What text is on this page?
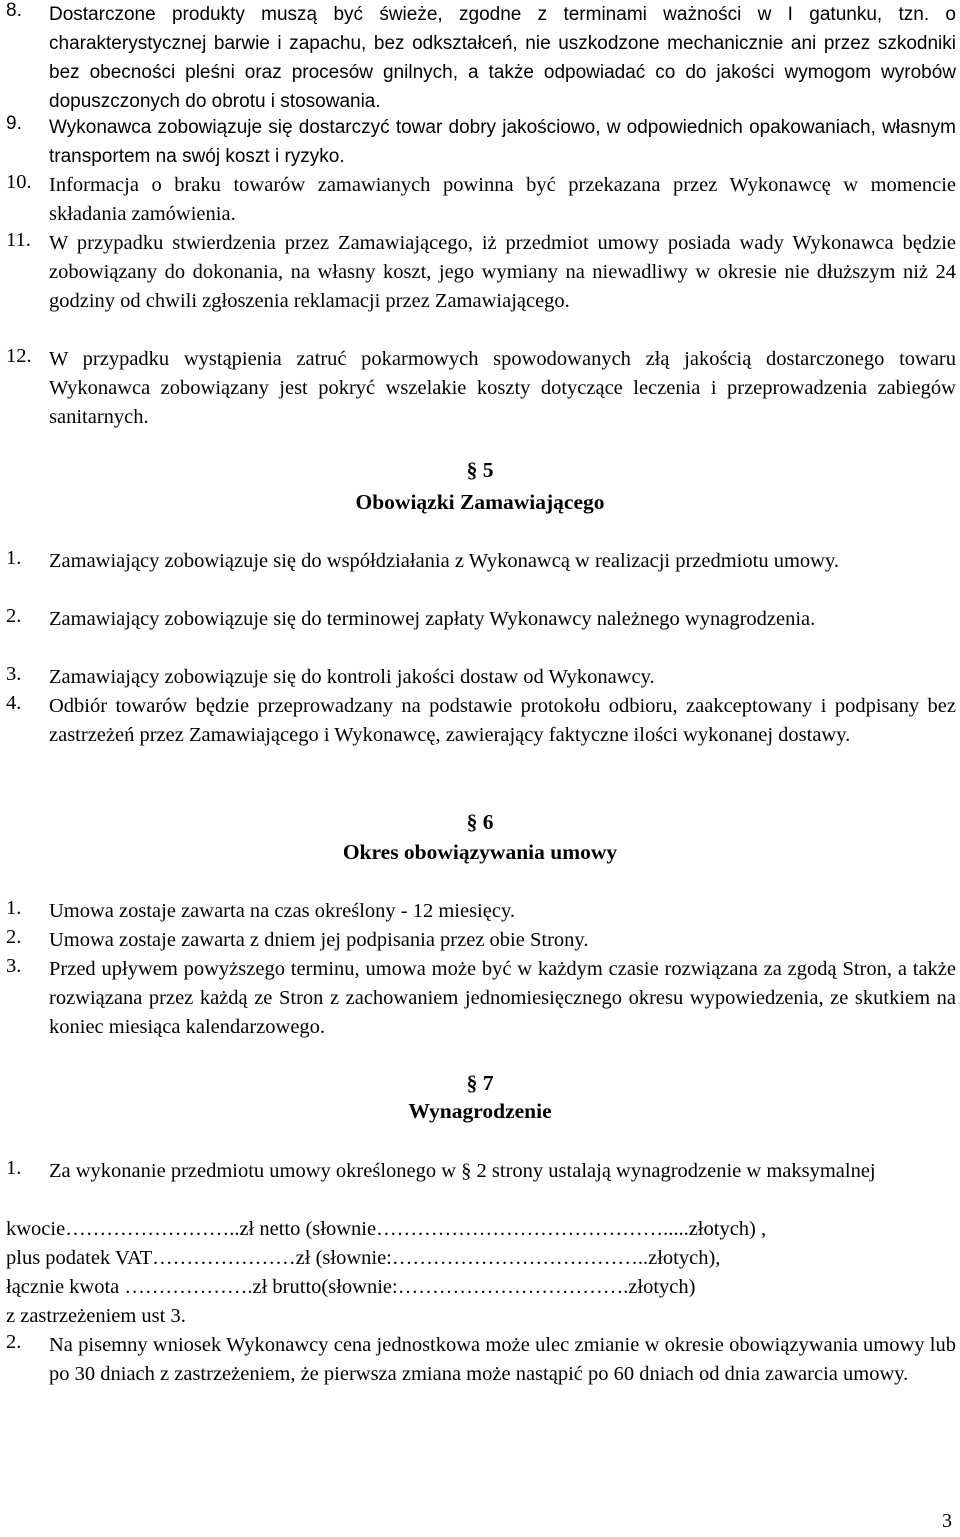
8. Dostarczone produkty muszą być świeże, zgodne z terminami ważności w I gatunku, tzn. o charakterystycznej barwie i zapachu, bez odkształceń, nie uszkodzone mechanicznie ani przez szkodniki bez obecności pleśni oraz procesów gnilnych, a także odpowiadać co do jakości wymogom wyrobów dopuszczonych do obrotu i stosowania.
9. Wykonawca zobowiązuje się dostarczyć towar dobry jakościowo, w odpowiednich opakowaniach, własnym transportem na swój koszt i ryzyko.
10. Informacja o braku towarów zamawianych powinna być przekazana przez Wykonawcę w momencie składania zamówienia.
11. W przypadku stwierdzenia przez Zamawiającego, iż przedmiot umowy posiada wady Wykonawca będzie zobowiązany do dokonania, na własny koszt, jego wymiany na niewadliwy w okresie nie dłuższym niż 24 godziny od chwili zgłoszenia reklamacji przez Zamawiającego.
12. W przypadku wystąpienia zatruć pokarmowych spowodowanych złą jakością dostarczonego towaru Wykonawca zobowiązany jest pokryć wszelakie koszty dotyczące leczenia i przeprowadzenia zabiegów sanitarnych.
§ 5
Obowiązki Zamawiającego
1. Zamawiający zobowiązuje się do współdziałania z Wykonawcą w realizacji przedmiotu umowy.
2. Zamawiający zobowiązuje się do terminowej zapłaty Wykonawcy należnego wynagrodzenia.
3. Zamawiający zobowiązuje się do kontroli jakości dostaw od Wykonawcy.
4. Odbiór towarów będzie przeprowadzany na podstawie protokołu odbioru, zaakceptowany i podpisany bez zastrzeżeń przez Zamawiającego i Wykonawcę, zawierający faktyczne ilości wykonanej dostawy.
§ 6
Okres obowiązywania umowy
1. Umowa zostaje zawarta na czas określony - 12 miesięcy.
2. Umowa zostaje zawarta z dniem jej podpisania przez obie Strony.
3. Przed upływem powyższego terminu, umowa może być w każdym czasie rozwiązana za zgodą Stron, a także rozwiązana przez każdą ze Stron z zachowaniem jednomiesięcznego okresu wypowiedzenia, ze skutkiem na koniec miesiąca kalendarzowego.
§ 7
Wynagrodzenie
1. Za wykonanie przedmiotu umowy określonego w § 2 strony ustalają wynagrodzenie w maksymalnej
kwocie……………………..zł netto (słownie…………………………………….....złotych) ,
plus podatek VAT…………………zł (słownie:………………………………..złotych),
łącznie kwota ……………….zł brutto(słownie:…………………………….złotych)
z zastrzeżeniem ust 3.
2. Na pisemny wniosek Wykonawcy cena jednostkowa może ulec zmianie w okresie obowiązywania umowy lub po 30 dniach z zastrzeżeniem, że pierwsza zmiana może nastąpić po 60 dniach od dnia zawarcia umowy.
3
